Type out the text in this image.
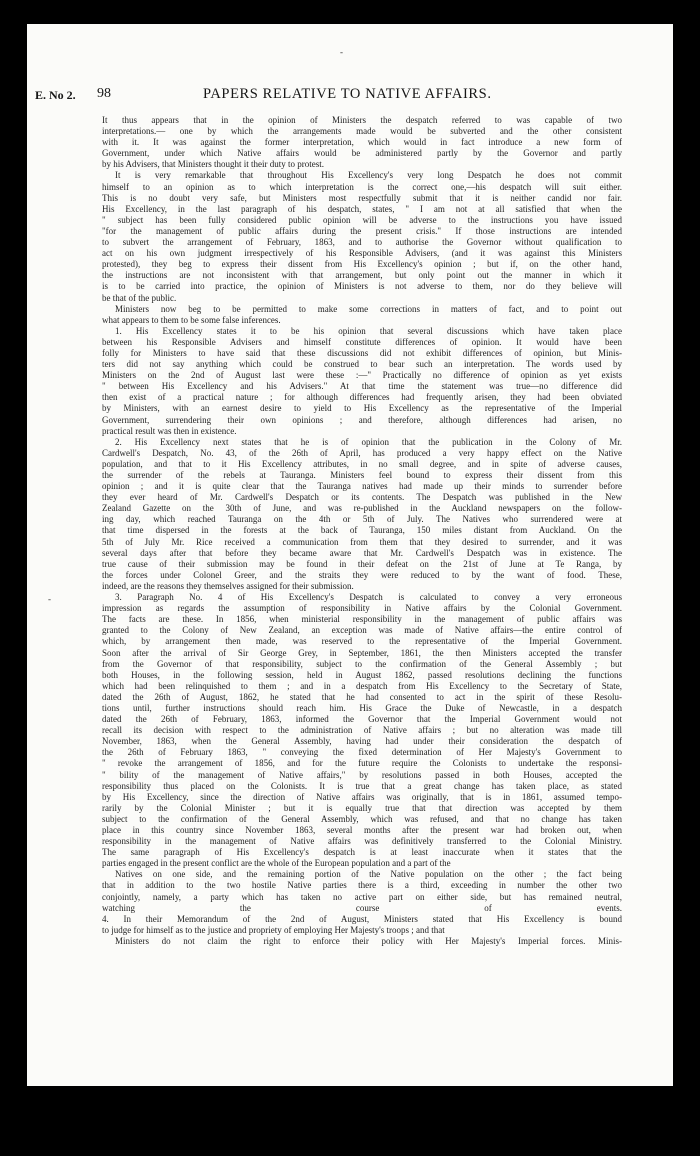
-
E. No 2. 98	PAPERS RELATIVE TO NATIVE AFFAIRS.
-
It thus appears that in the opinion of Ministers the despatch referred to was capable of two
interpretations.— one by which the arrangements made would be subverted and the other consistent
with it. It was against the former interpretation, which would in fact introduce a new form of
Government, under which Native affairs would be administered partly by the Governor and partly
by his Advisers, that Ministers thought it their duty to protest.
It is very remarkable that throughout His Excellency's very long Despatch he does not commit
himself to an opinion as to which interpretation is the correct one,—his despatch will suit either.
This is no doubt very safe, but Ministers most respectfully submit that it is neither candid nor fair.
His Excellency, in the last paragraph of his despatch, states, " I am not at all satisfied that when the
" subject has been fully considered public opinion will be adverse to the instructions you have issued
"for the management of public affairs during the present crisis." If those instructions are intended
to subvert the arrangement of February, 1863, and to authorise the Governor without qualification to
act on his own judgment irrespectively of his Responsible Advisers, (and it was against this Ministers
protested), they beg to express their dissent from His Excellency's opinion ; but if, on the other hand,
the instructions are not inconsistent with that arrangement, but only point out the manner in which it
is to be carried into practice, the opinion of Ministers is not adverse to them, nor do they believe will
be that of the public.
Ministers now beg to be permitted to make some corrections in matters of fact, and to point out
what appears to them to be some false inferences.
1. His Excellency states it to be his opinion that several discussions which have taken place
between his Responsible Advisers and himself constitute differences of opinion. It would have been
folly for Ministers to have said that these discussions did not exhibit differences of opinion, but Minis-
ters did not say anything which could be construed to bear such an interpretation. The words used by
Ministers on the 2nd of August last were these :—" Practically no difference of opinion as yet exists
" between His Excellency and his Advisers." At that time the statement was true—no difference did
then exist of a practical nature ; for although differences had frequently arisen, they had been obviated
by Ministers, with an earnest desire to yield to His Excellency as the representative of the Imperial
Government, surrendering their own opinions ; and therefore, although differences had arisen, no
practical result was then in existence.
2. His Excellency next states that he is of opinion that the publication in the Colony of Mr.
Cardwell's Despatch, No. 43, of the 26th of April, has produced a very happy effect on the Native
population, and that to it His Excellency attributes, in no small degree, and in spite of adverse causes,
the surrender of the rebels at Tauranga. Ministers feel bound to express their dissent from this
opinion ; and it is quite clear that the Tauranga natives had made up their minds to surrender before
they ever heard of Mr. Cardwell's Despatch or its contents. The Despatch was published in the New
Zealand Gazette on the 30th of June, and was re-published in the Auckland newspapers on the follow-
ing day, which reached Tauranga on the 4th or 5th of July. The Natives who surrendered were at
that time dispersed in the forests at the back of Tauranga, 150 miles distant from Auckland. On the
5th of July Mr. Rice received a communication from them that they desired to surrender, and it was
several days after that before they became aware that Mr. Cardwell's Despatch was in existence. The
true cause of their submission may be found in their defeat on the 21st of June at Te Ranga, by
the forces under Colonel Greer, and the straits they were reduced to by the want of food. These,
indeed, are the reasons they themselves assigned for their submission.
3. Paragraph No. 4 of His Excellency's Despatch is calculated to convey a very erroneous
impression as regards the assumption of responsibility in Native affairs by the Colonial Government.
The facts are these. In 1856, when ministerial responsibility in the management of public affairs was
granted to the Colony of New Zealand, an exception was made of Native affairs—the entire control of
which, by arrangement then made, was reserved to the representative of the Imperial Government.
Soon after the arrival of Sir George Grey, in September, 1861, the then Ministers accepted the transfer
from the Governor of that responsibility, subject to the confirmation of the General Assembly ; but
both Houses, in the following session, held in August 1862, passed resolutions declining the functions
which had been relinquished to them ; and in a despatch from His Excellency to the Secretary of State,
dated the 26th of August, 1862, he stated that he had consented to act in the spirit of these Resolu-
tions until, further instructions should reach him. His Grace the Duke of Newcastle, in a despatch
dated the 26th of February, 1863, informed the Governor that the Imperial Government would not
recall its decision with respect to the administration of Native affairs ; but no alteration was made till
November, 1863, when the General Assembly, having had under their consideration the despatch of
the 26th of February 1863, " conveying the fixed determination of Her Majesty's Government to
" revoke the arrangement of 1856, and for the future require the Colonists to undertake the responsi-
" bility of the management of Native affairs," by resolutions passed in both Houses, accepted the
responsibility thus placed on the Colonists. It is true that a great change has taken place, as stated
by His Excellency, since the direction of Native affairs was originally, that is in 1861, assumed tempo-
rarily by the Colonial Minister ; but it is equally true that that direction was accepted by them
subject to the confirmation of the General Assembly, which was refused, and that no change has taken
place in this country since November 1863, several months after the present war had broken out, when
responsibility in the management of Native affairs was definitively transferred to the Colonial Ministry.
The same paragraph of His Excellency's despatch is at least inaccurate when it states that the
parties engaged in the present conflict are the whole of the European population and a part of the
Natives on one side, and the remaining portion of the Native population on the other ; the fact being
that in addition to the two hostile Native parties there is a third, exceeding in number the other two
conjointly, namely, a party which has taken no active part on either side, but has remained neutral,
watching the course of events.
4. In their Memorandum of the 2nd of August, Ministers stated that His Excellency is bound
to judge for himself as to the justice and propriety of employing Her Majesty's troops ; and that
Ministers do not claim the right to enforce their policy with Her Majesty's Imperial forces. Minis-
